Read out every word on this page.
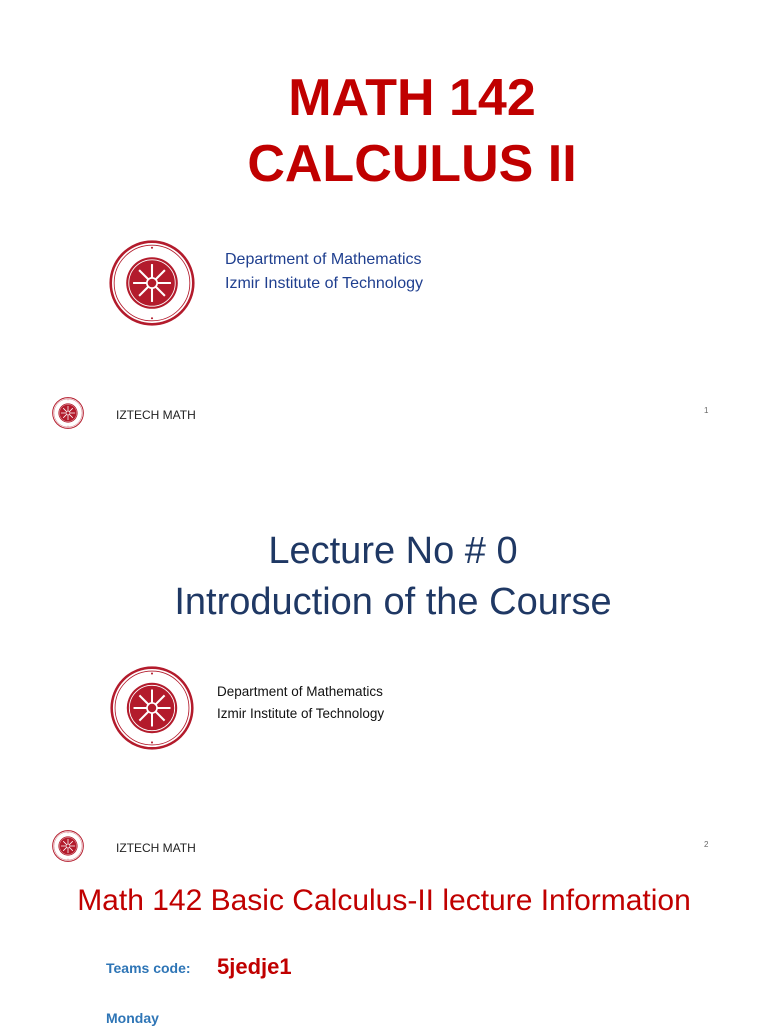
MATH 142
CALCULUS II
Department of Mathematics
Izmir Institute of Technology
IZTECH MATH	1
Lecture No # 0
Introduction of the Course
Department of Mathematics
Izmir Institute of Technology
IZTECH MATH	2
Math 142 Basic Calculus-II lecture Information
Teams code: 5jedje1
Monday
